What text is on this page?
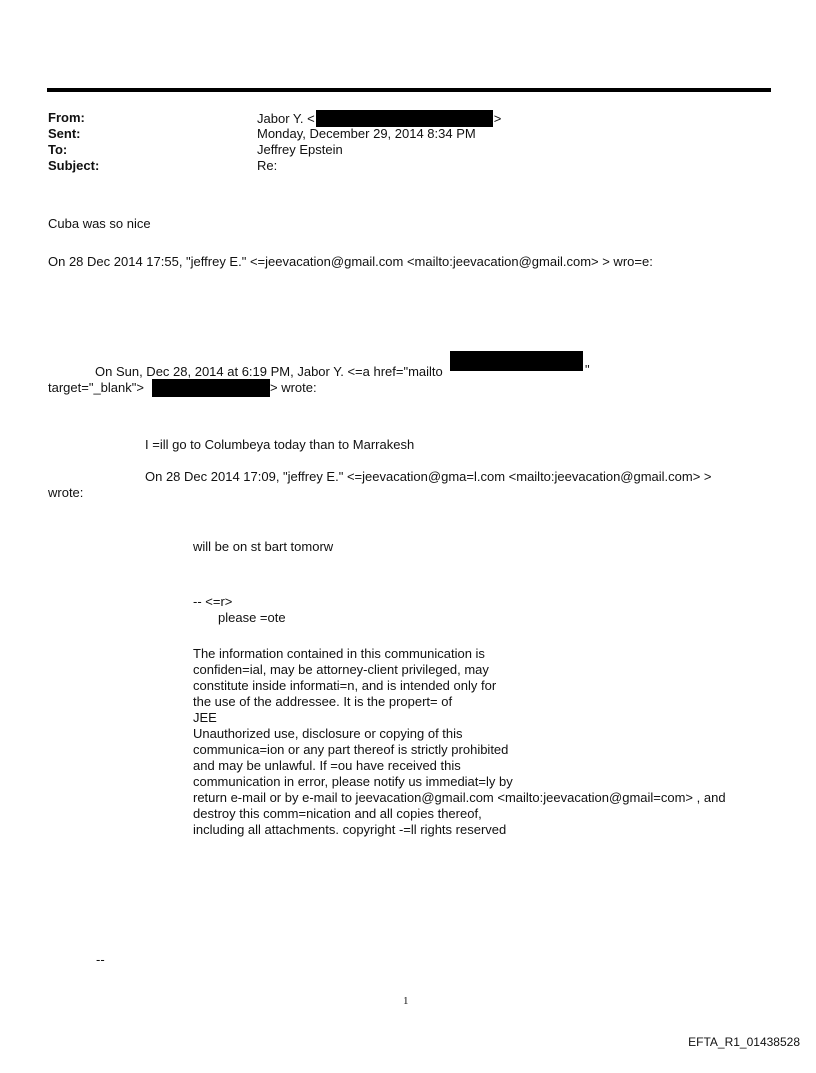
From:	Jabor Y. <	>
Sent:	Monday, December 29, 2014 8:34 PM
To:	Jeffrey Epstein
Subject:	Re:
Cuba was so nice
On 28 Dec 2014 17:55, "jeffrey E." <=jeevacation@gmail.com <mailto:jeevacation@gmail.com> > wro=e:
On Sun, Dec 28, 2014 at 6:19 PM, Jabor Y. <=a href="mailto	"
target="_blank">	> wrote:
I =ill go to Columbeya today than to Marrakesh
On 28 Dec 2014 17:09, "jeffrey E." <=jeevacation@gma=l.com <mailto:jeevacation@gmail.com> >
wrote:
will be on st bart tomorw
-- <=r>
please =ote
The information contained in this communication is
confiden=ial, may be attorney-client privileged, may
constitute inside informati=n, and is intended only for
the use of the addressee. It is the propert= of
JEE
Unauthorized use, disclosure or copying of this
communica=ion or any part thereof is strictly prohibited
and may be unlawful. If =ou have received this
communication in error, please notify us immediat=ly by
return e-mail or by e-mail to jeevacation@gmail.com <mailto:jeevacation@gmail=com> , and
destroy this comm=nication and all copies thereof,
including all attachments. copyright -=ll rights reserved
--
1
EFTA_R1_01438528
